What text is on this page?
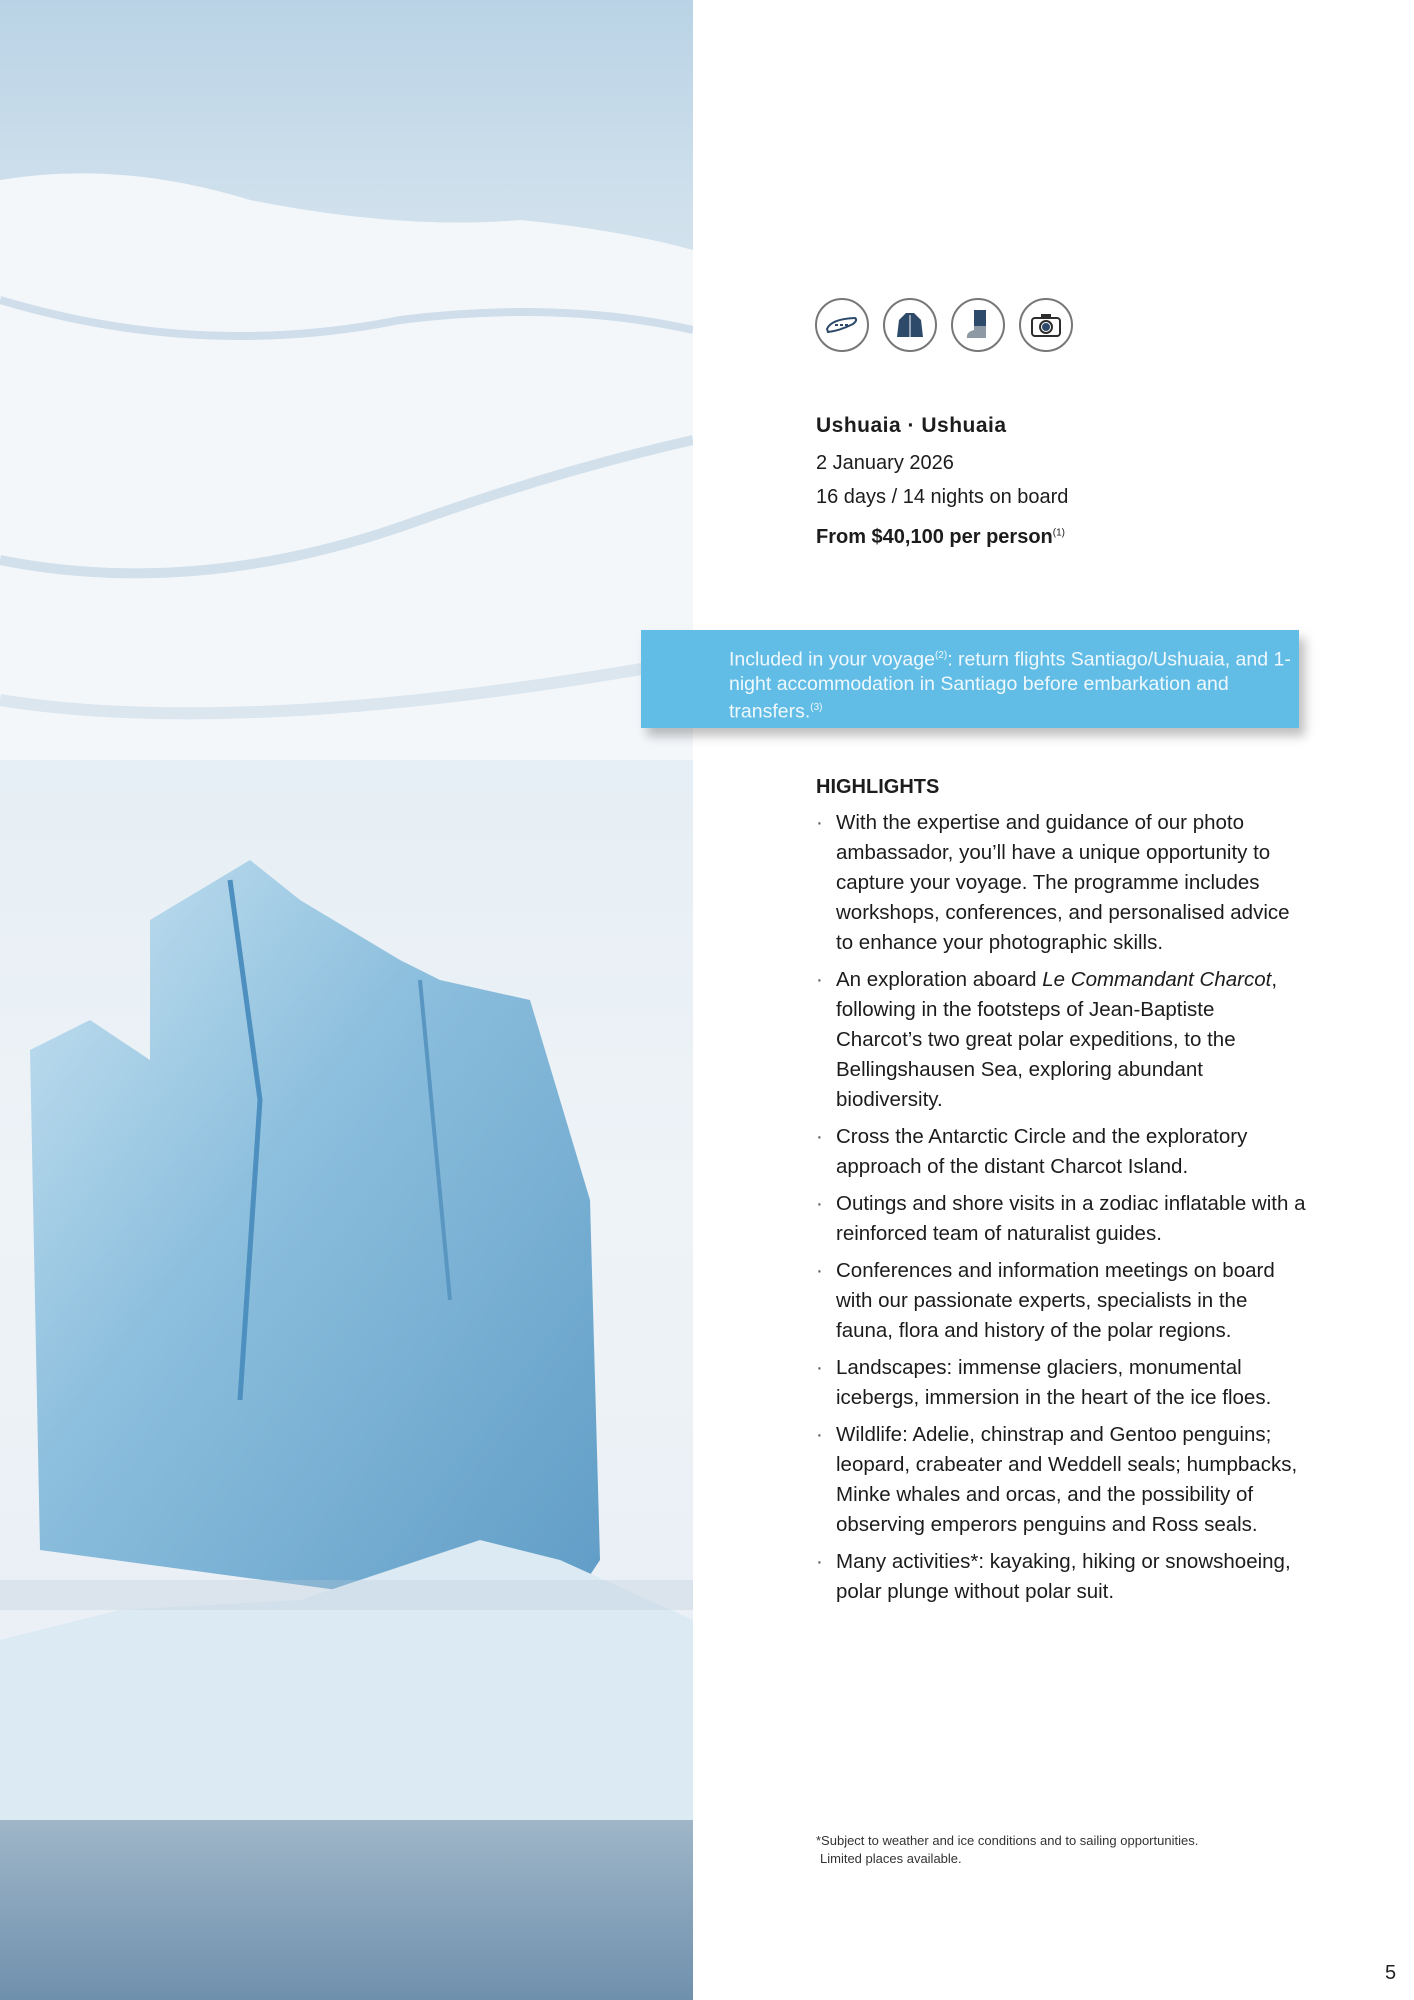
Ushuaia · Ushuaia
2 January 2026
16 days / 14 nights on board
From $40,100 per person$^{(1)}$
Included in your voyage$^{(2)}$: return flights Santiago/Ushuaia, and 1-night accommodation in Santiago before embarkation and transfers.$^{(3)}$
HIGHLIGHTS
· With the expertise and guidance of our photo ambassador, you’ll have a unique opportunity to capture your voyage. The programme includes workshops, conferences, and personalised advice to enhance your photographic skills.
· An exploration aboard Le Commandant Charcot, following in the footsteps of Jean-Baptiste Charcot’s two great polar expeditions, to the Bellingshausen Sea, exploring abundant biodiversity.
· Cross the Antarctic Circle and the exploratory approach of the distant Charcot Island.
· Outings and shore visits in a zodiac inflatable with a reinforced team of naturalist guides.
· Conferences and information meetings on board with our passionate experts, specialists in the fauna, flora and history of the polar regions.
· Landscapes: immense glaciers, monumental icebergs, immersion in the heart of the ice floes.
· Wildlife: Adelie, chinstrap and Gentoo penguins; leopard, crabeater and Weddell seals; humpbacks, Minke whales and orcas, and the possibility of observing emperors penguins and Ross seals.
· Many activities*: kayaking, hiking or snowshoeing, polar plunge without polar suit.
*Subject to weather and ice conditions and to sailing opportunities.
Limited places available.
5
